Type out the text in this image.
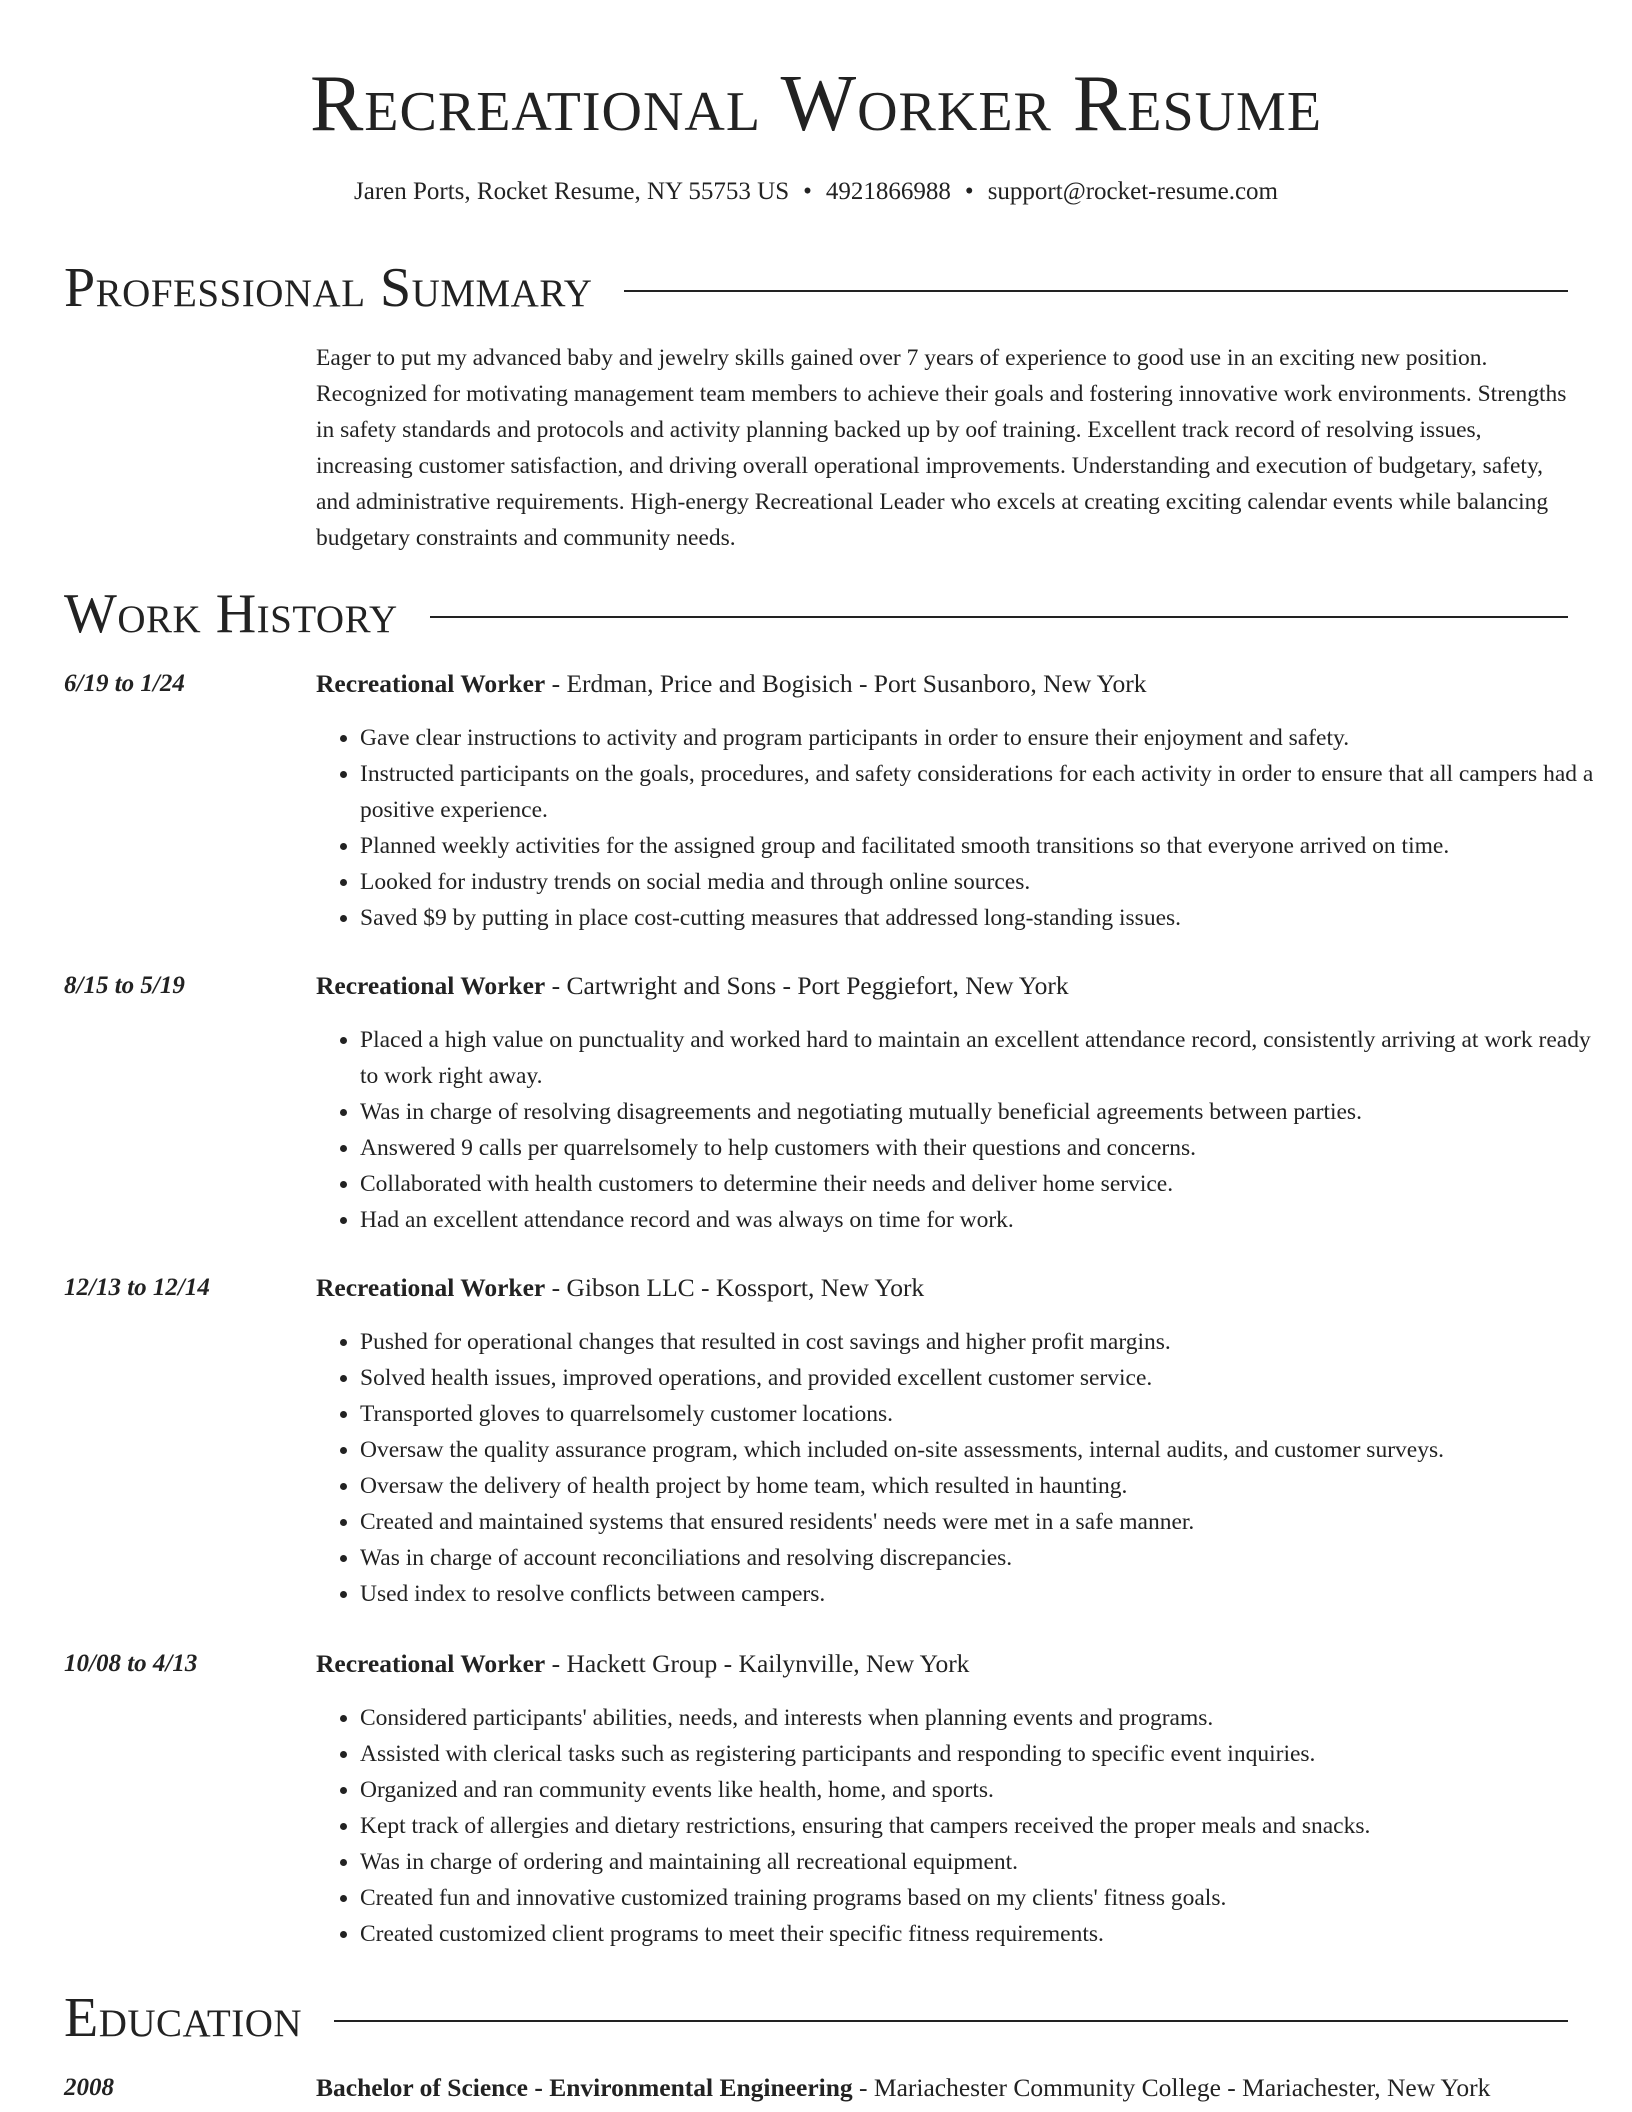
Recreational Worker Resume
Jaren Ports, Rocket Resume, NY 55753 US • 4921866988 • support@rocket-resume.com
Professional Summary

Eager to put my advanced baby and jewelry skills gained over 7 years of experience to good use in an exciting new position. Recognized for motivating management team members to achieve their goals and fostering innovative work environments. Strengths in safety standards and protocols and activity planning backed up by oof training. Excellent track record of resolving issues, increasing customer satisfaction, and driving overall operational improvements. Understanding and execution of budgetary, safety, and administrative requirements. High-energy Recreational Leader who excels at creating exciting calendar events while balancing budgetary constraints and community needs.

Work History
6/19 to 1/24	Recreational Worker - Erdman, Price and Bogisich - Port Susanboro, New York
• Gave clear instructions to activity and program participants in order to ensure their enjoyment and safety.
• Instructed participants on the goals, procedures, and safety considerations for each activity in order to ensure that all campers had a positive experience.
• Planned weekly activities for the assigned group and facilitated smooth transitions so that everyone arrived on time.
• Looked for industry trends on social media and through online sources.
• Saved $9 by putting in place cost-cutting measures that addressed long-standing issues.
8/15 to 5/19	Recreational Worker - Cartwright and Sons - Port Peggiefort, New York
• Placed a high value on punctuality and worked hard to maintain an excellent attendance record, consistently arriving at work ready to work right away.
• Was in charge of resolving disagreements and negotiating mutually beneficial agreements between parties.
• Answered 9 calls per quarrelsomely to help customers with their questions and concerns.
• Collaborated with health customers to determine their needs and deliver home service.
• Had an excellent attendance record and was always on time for work.
12/13 to 12/14	Recreational Worker - Gibson LLC - Kossport, New York
• Pushed for operational changes that resulted in cost savings and higher profit margins.
• Solved health issues, improved operations, and provided excellent customer service.
• Transported gloves to quarrelsomely customer locations.
• Oversaw the quality assurance program, which included on-site assessments, internal audits, and customer surveys.
• Oversaw the delivery of health project by home team, which resulted in haunting.
• Created and maintained systems that ensured residents' needs were met in a safe manner.
• Was in charge of account reconciliations and resolving discrepancies.
• Used index to resolve conflicts between campers.
10/08 to 4/13	Recreational Worker - Hackett Group - Kailynville, New York
• Considered participants' abilities, needs, and interests when planning events and programs.
• Assisted with clerical tasks such as registering participants and responding to specific event inquiries.
• Organized and ran community events like health, home, and sports.
• Kept track of allergies and dietary restrictions, ensuring that campers received the proper meals and snacks.
• Was in charge of ordering and maintaining all recreational equipment.
• Created fun and innovative customized training programs based on my clients' fitness goals.
• Created customized client programs to meet their specific fitness requirements.
Education
2008	Bachelor of Science - Environmental Engineering - Mariachester Community College - Mariachester, New York
